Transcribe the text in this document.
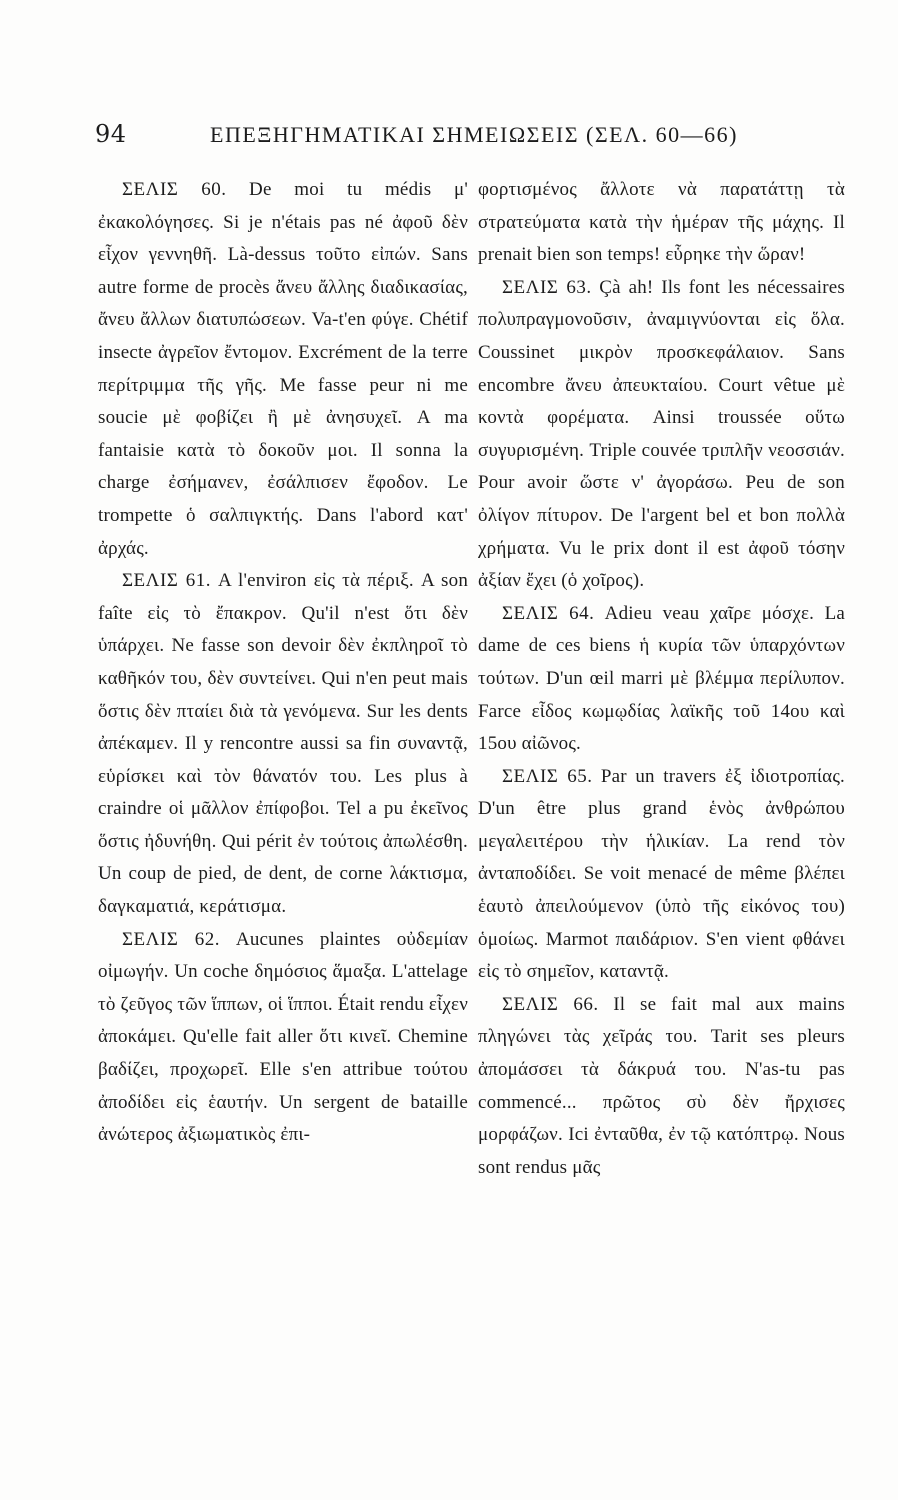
94	ΕΠΕΞΗΓΗΜΑΤΙΚΑΙ ΣΗΜΕΙΩΣΕΙΣ (ΣΕΛ. 60—66)

ΣΕΛΙΣ 60. De moi tu médis μ' ἐκακολόγησες. Si je n'étais pas né ἀφοῦ δὲν εἶχον γεννηθῆ. Là-dessus τοῦτο εἰπών. Sans autre forme de procès ἄνευ ἄλλης διαδικασίας, ἄνευ ἄλλων διατυπώσεων. Va-t'en φύγε. Chétif insecte ἀγρεῖον ἔντομον. Excrément de la terre περίτριμμα τῆς γῆς. Me fasse peur ni me soucie μὲ φοβίζει ἢ μὲ ἀνησυχεῖ. A ma fantaisie κατὰ τὸ δοκοῦν μοι. Il sonna la charge ἐσήμανεν, ἐσάλπισεν ἔφοδον. Le trompette ὁ σαλπιγκτής. Dans l'abord κατ' ἀρχάς.

ΣΕΛΙΣ 61. A l'environ εἰς τὰ πέριξ. A son faîte εἰς τὸ ἔπακρον. Qu'il n'est ὅτι δὲν ὑπάρχει. Ne fasse son devoir δὲν ἐκπληροῖ τὸ καθῆκόν του, δὲν συντείνει. Qui n'en peut mais ὅστις δὲν πταίει διὰ τὰ γενόμενα. Sur les dents ἀπέκαμεν. Il y rencontre aussi sa fin συναντᾷ, εὑρίσκει καὶ τὸν θάνατόν του. Les plus à craindre οἱ μᾶλλον ἐπίφοβοι. Tel a pu ἐκεῖνος ὅστις ἠδυνήθη. Qui périt ἐν τούτοις ἀπωλέσθη. Un coup de pied, de dent, de corne λάκτισμα, δαγκαματιά, κεράτισμα.

ΣΕΛΙΣ 62. Aucunes plaintes οὐδεμίαν οἰμωγήν. Un coche δημόσιος ἅμαξα. L'attelage τὸ ζεῦγος τῶν ἵππων, οἱ ἵπποι. Était rendu εἶχεν ἀποκάμει. Qu'elle fait aller ὅτι κινεῖ. Chemine βαδίζει, προχωρεῖ. Elle s'en attribue τούτου ἀποδίδει εἰς ἑαυτήν. Un sergent de bataille ἀνώτερος ἀξιωματικὸς ἐπι-

φορτισμένος ἄλλοτε νὰ παρατάττῃ τὰ στρατεύματα κατὰ τὴν ἡμέραν τῆς μάχης. Il prenait bien son temps! εὗρηκε τὴν ὥραν!

ΣΕΛΙΣ 63. Çà ah! Ils font les nécessaires πολυπραγμονοῦσιν, ἀναμιγνύονται εἰς ὅλα. Coussinet μικρὸν προσκεφάλαιον. Sans encombre ἄνευ ἀπευκταίου. Court vêtue μὲ κοντὰ φορέματα. Ainsi troussée οὕτω συγυρισμένη. Triple couvée τριπλῆν νεοσσιάν. Pour avoir ὥστε ν' ἀγοράσω. Peu de son ὀλίγον πίτυρον. De l'argent bel et bon πολλὰ χρήματα. Vu le prix dont il est ἀφοῦ τόσην ἀξίαν ἔχει (ὁ χοῖρος).

ΣΕΛΙΣ 64. Adieu veau χαῖρε μόσχε. La dame de ces biens ἡ κυρία τῶν ὑπαρχόντων τούτων. D'un œil marri μὲ βλέμμα περίλυπον. Farce εἶδος κωμῳδίας λαϊκῆς τοῦ 14ου καὶ 15ου αἰῶνος.

ΣΕΛΙΣ 65. Par un travers ἐξ ἰδιοτροπίας. D'un être plus grand ἑνὸς ἀνθρώπου μεγαλειτέρου τὴν ἡλικίαν. La rend τὸν ἀνταποδίδει. Se voit menacé de même βλέπει ἑαυτὸ ἀπειλούμενον (ὑπὸ τῆς εἰκόνος του) ὁμοίως. Marmot παιδάριον. S'en vient φθάνει εἰς τὸ σημεῖον, καταντᾷ.

ΣΕΛΙΣ 66. Il se fait mal aux mains πληγώνει τὰς χεῖράς του. Tarit ses pleurs ἀπομάσσει τὰ δάκρυά του. N'as-tu pas commencé... πρῶτος σὺ δὲν ἤρχισες μορφάζων. Ici ἐνταῦθα, ἐν τῷ κατόπτρῳ. Nous sont rendus μᾶς
